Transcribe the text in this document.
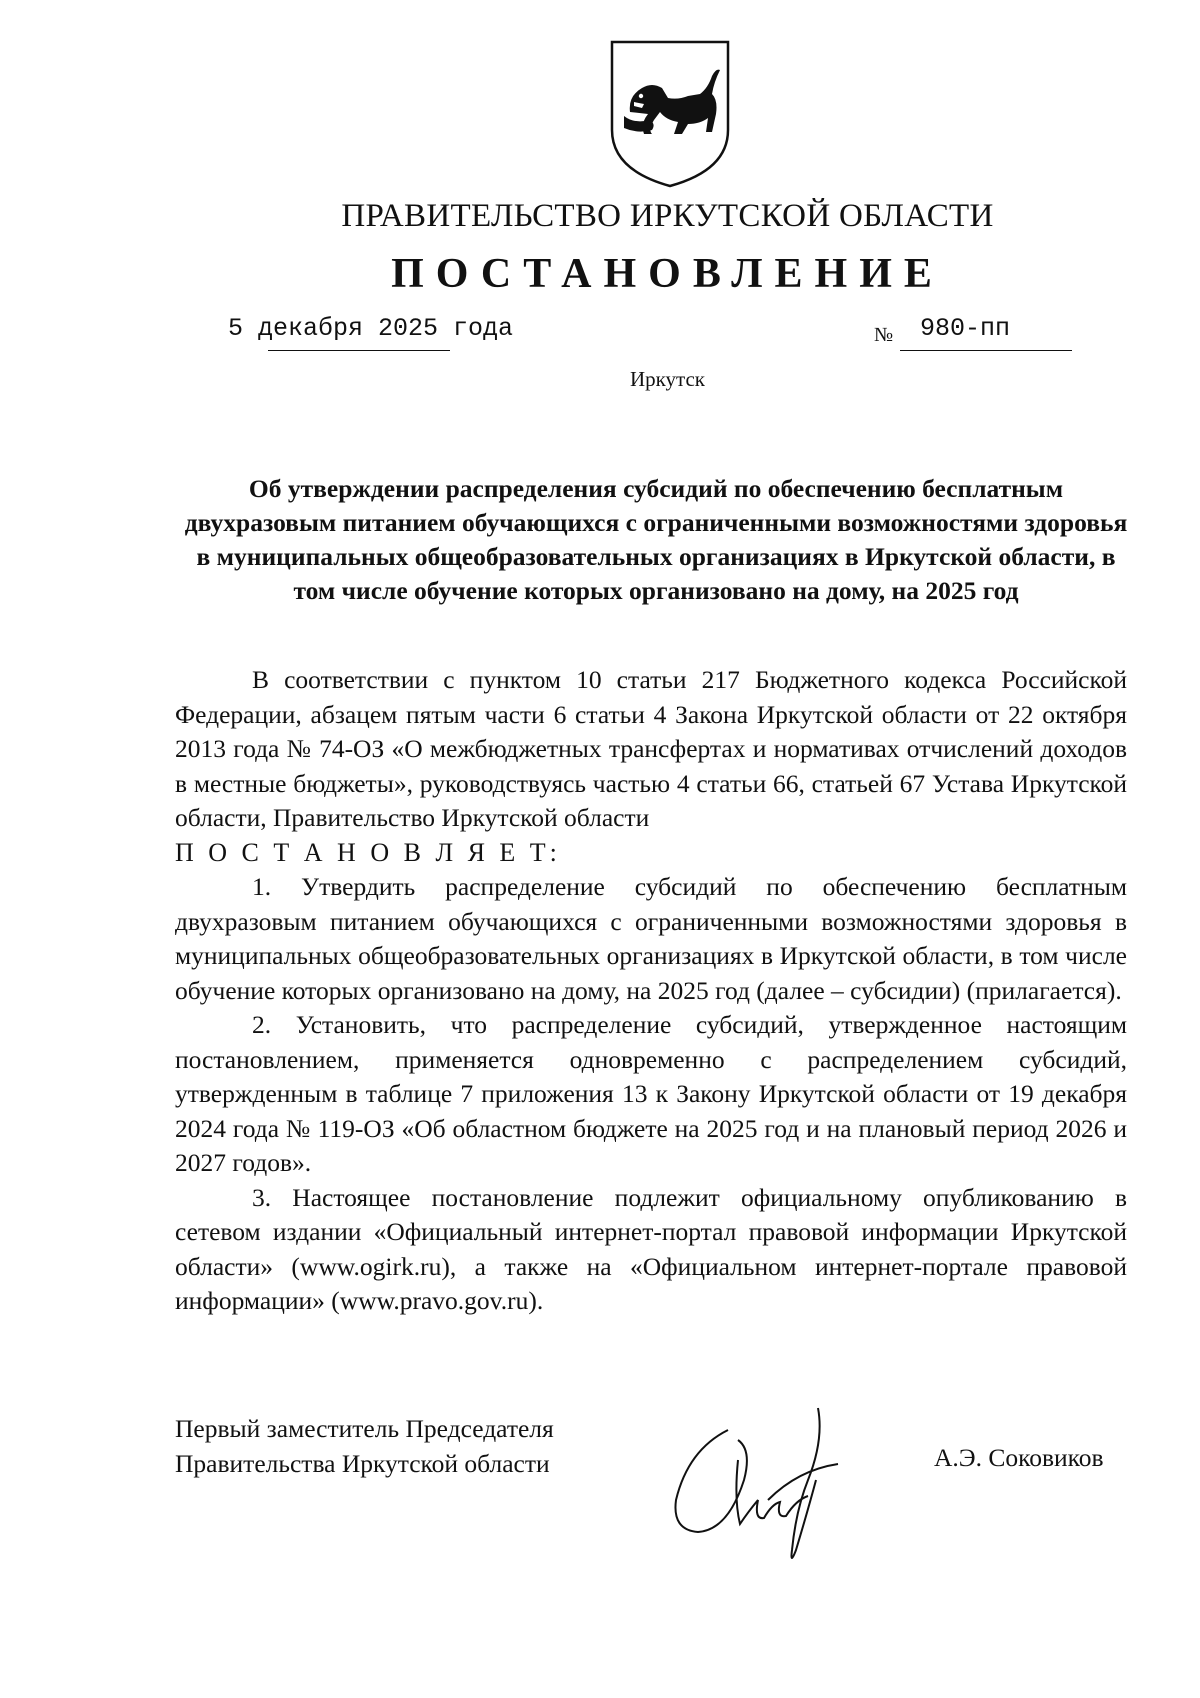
ПРАВИТЕЛЬСТВО ИРКУТСКОЙ ОБЛАСТИ
ПОСТАНОВЛЕНИЕ
5 декабря 2025 года	№ 980-пп
Иркутск
Об утверждении распределения субсидий по обеспечению бесплатным двухразовым питанием обучающихся с ограниченными возможностями здоровья в муниципальных общеобразовательных организациях в Иркутской области, в том числе обучение которых организовано на дому, на 2025 год

В соответствии с пунктом 10 статьи 217 Бюджетного кодекса Российской Федерации, абзацем пятым части 6 статьи 4 Закона Иркутской области от 22 октября 2013 года № 74-ОЗ «О межбюджетных трансфертах и нормативах отчислений доходов в местные бюджеты», руководствуясь частью 4 статьи 66, статьей 67 Устава Иркутской области, Правительство Иркутской области

П О С Т А Н О В Л Я Е Т:

1. Утвердить распределение субсидий по обеспечению бесплатным двухразовым питанием обучающихся с ограниченными возможностями здоровья в муниципальных общеобразовательных организациях в Иркутской области, в том числе обучение которых организовано на дому, на 2025 год (далее – субсидии) (прилагается).

2. Установить, что распределение субсидий, утвержденное настоящим постановлением, применяется одновременно с распределением субсидий, утвержденным в таблице 7 приложения 13 к Закону Иркутской области от 19 декабря 2024 года № 119-ОЗ «Об областном бюджете на 2025 год и на плановый период 2026 и 2027 годов».

3. Настоящее постановление подлежит официальному опубликованию в сетевом издании «Официальный интернет-портал правовой информации Иркутской области» (www.ogirk.ru), а также на «Официальном интернет-портале правовой информации» (www.pravo.gov.ru).

Первый заместитель Председателя
Правительства Иркутской области	А.Э. Соковиков
